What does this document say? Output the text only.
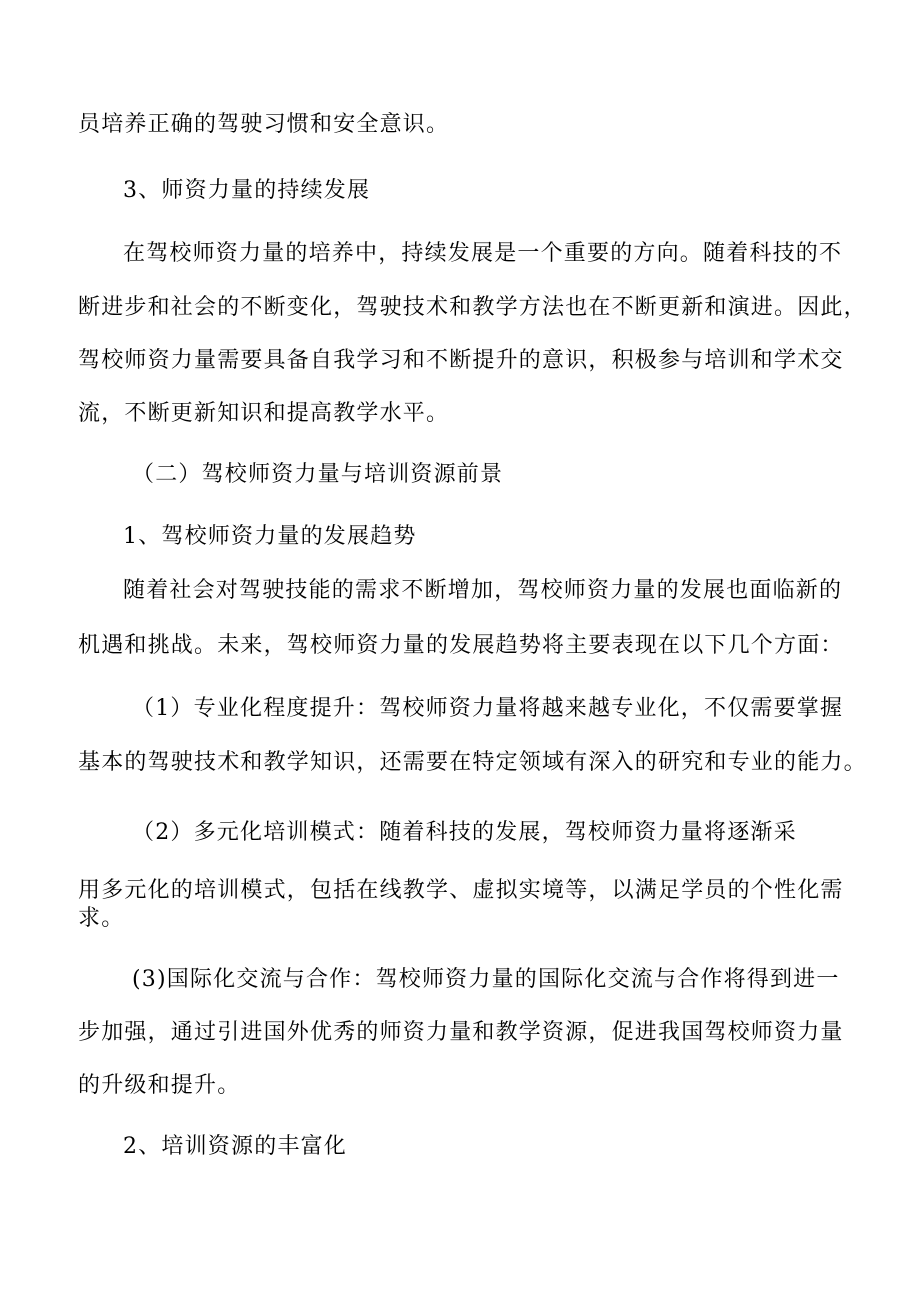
员培养正确的驾驶习惯和安全意识。

3、师资力量的持续发展

在驾校师资力量的培养中，持续发展是一个重要的方向。随着科技的不

断进步和社会的不断变化，驾驶技术和教学方法也在不断更新和演进。因此，

驾校师资力量需要具备自我学习和不断提升的意识，积极参与培训和学术交

流，不断更新知识和提高教学水平。

（二）驾校师资力量与培训资源前景

1、驾校师资力量的发展趋势

随着社会对驾驶技能的需求不断增加，驾校师资力量的发展也面临新的

机遇和挑战。未来，驾校师资力量的发展趋势将主要表现在以下几个方面：

（1）专业化程度提升：驾校师资力量将越来越专业化，不仅需要掌握

基本的驾驶技术和教学知识，还需要在特定领域有深入的研究和专业的能力。

（2）多元化培训模式：随着科技的发展，驾校师资力量将逐渐采

用多元化的培训模式，包括在线教学、虚拟实境等，以满足学员的个性化需

求。

(3)国际化交流与合作：驾校师资力量的国际化交流与合作将得到进一

步加强，通过引进国外优秀的师资力量和教学资源，促进我国驾校师资力量

的升级和提升。

2、培训资源的丰富化
